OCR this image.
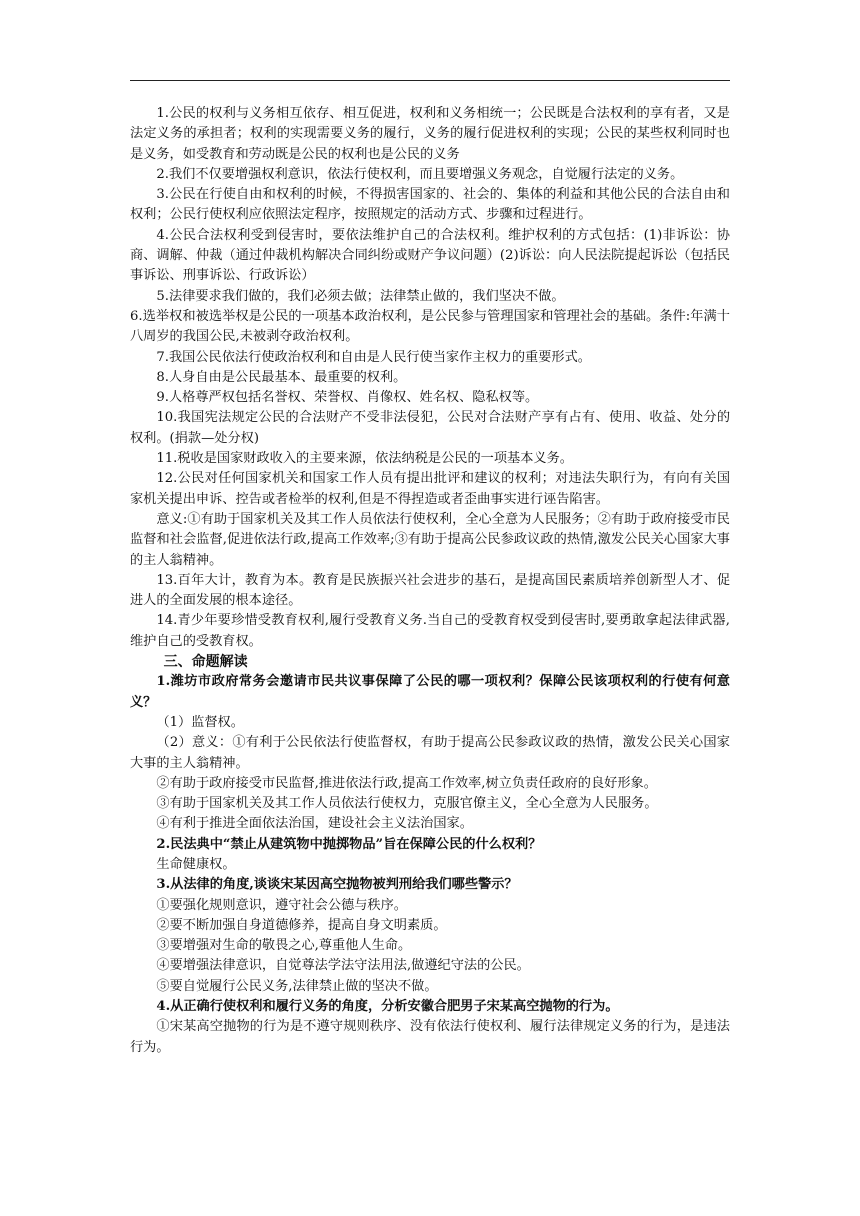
1.公民的权利与义务相互依存、相互促进，权利和义务相统一；公民既是合法权利的享有者，又是法定义务的承担者；权利的实现需要义务的履行，义务的履行促进权利的实现；公民的某些权利同时也是义务，如受教育和劳动既是公民的权利也是公民的义务

2.我们不仅要增强权利意识，依法行使权利，而且要增强义务观念，自觉履行法定的义务。

3.公民在行使自由和权利的时候，不得损害国家的、社会的、集体的利益和其他公民的合法自由和权利；公民行使权利应依照法定程序，按照规定的活动方式、步骤和过程进行。

4.公民合法权利受到侵害时，要依法维护自己的合法权利。维护权利的方式包括：(1)非诉讼：协商、调解、仲裁（通过仲裁机构解决合同纠纷或财产争议问题）(2)诉讼：向人民法院提起诉讼（包括民事诉讼、刑事诉讼、行政诉讼）

5.法律要求我们做的，我们必须去做；法律禁止做的，我们坚决不做。

6.选举权和被选举权是公民的一项基本政治权利，是公民参与管理国家和管理社会的基础。条件:年满十八周岁的我国公民,未被剥夺政治权利。

7.我国公民依法行使政治权利和自由是人民行使当家作主权力的重要形式。

8.人身自由是公民最基本、最重要的权利。

9.人格尊严权包括名誉权、荣誉权、肖像权、姓名权、隐私权等。

10.我国宪法规定公民的合法财产不受非法侵犯，公民对合法财产享有占有、使用、收益、处分的权利。(捐款—处分权)

11.税收是国家财政收入的主要来源，依法纳税是公民的一项基本义务。

12.公民对任何国家机关和国家工作人员有提出批评和建议的权利；对违法失职行为，有向有关国家机关提出申诉、控告或者检举的权利,但是不得捏造或者歪曲事实进行诬告陷害。

意义:①有助于国家机关及其工作人员依法行使权利，全心全意为人民服务；②有助于政府接受市民监督和社会监督,促进依法行政,提高工作效率;③有助于提高公民参政议政的热情,激发公民关心国家大事的主人翁精神。

13.百年大计，教育为本。教育是民族振兴社会进步的基石，是提高国民素质培养创新型人才、促进人的全面发展的根本途径。

14.青少年要珍惜受教育权利,履行受教育义务.当自己的受教育权受到侵害时,要勇敢拿起法律武器,维护自己的受教育权。

三、命题解读

1.潍坊市政府常务会邀请市民共议事保障了公民的哪一项权利？保障公民该项权利的行使有何意义？

（1）监督权。

（2）意义：①有利于公民依法行使监督权，有助于提高公民参政议政的热情，激发公民关心国家大事的主人翁精神。

②有助于政府接受市民监督,推进依法行政,提高工作效率,树立负责任政府的良好形象。

③有助于国家机关及其工作人员依法行使权力，克服官僚主义，全心全意为人民服务。

④有利于推进全面依法治国，建设社会主义法治国家。

2.民法典中“禁止从建筑物中抛掷物品”旨在保障公民的什么权利？

生命健康权。

3.从法律的角度,谈谈宋某因高空抛物被判刑给我们哪些警示？

①要强化规则意识，遵守社会公德与秩序。

②要不断加强自身道德修养，提高自身文明素质。

③要增强对生命的敬畏之心,尊重他人生命。

④要增强法律意识，自觉尊法学法守法用法,做遵纪守法的公民。

⑤要自觉履行公民义务,法律禁止做的坚决不做。

4.从正确行使权利和履行义务的角度，分析安徽合肥男子宋某高空抛物的行为。

①宋某高空抛物的行为是不遵守规则秩序、没有依法行使权利、履行法律规定义务的行为，是违法行为。
